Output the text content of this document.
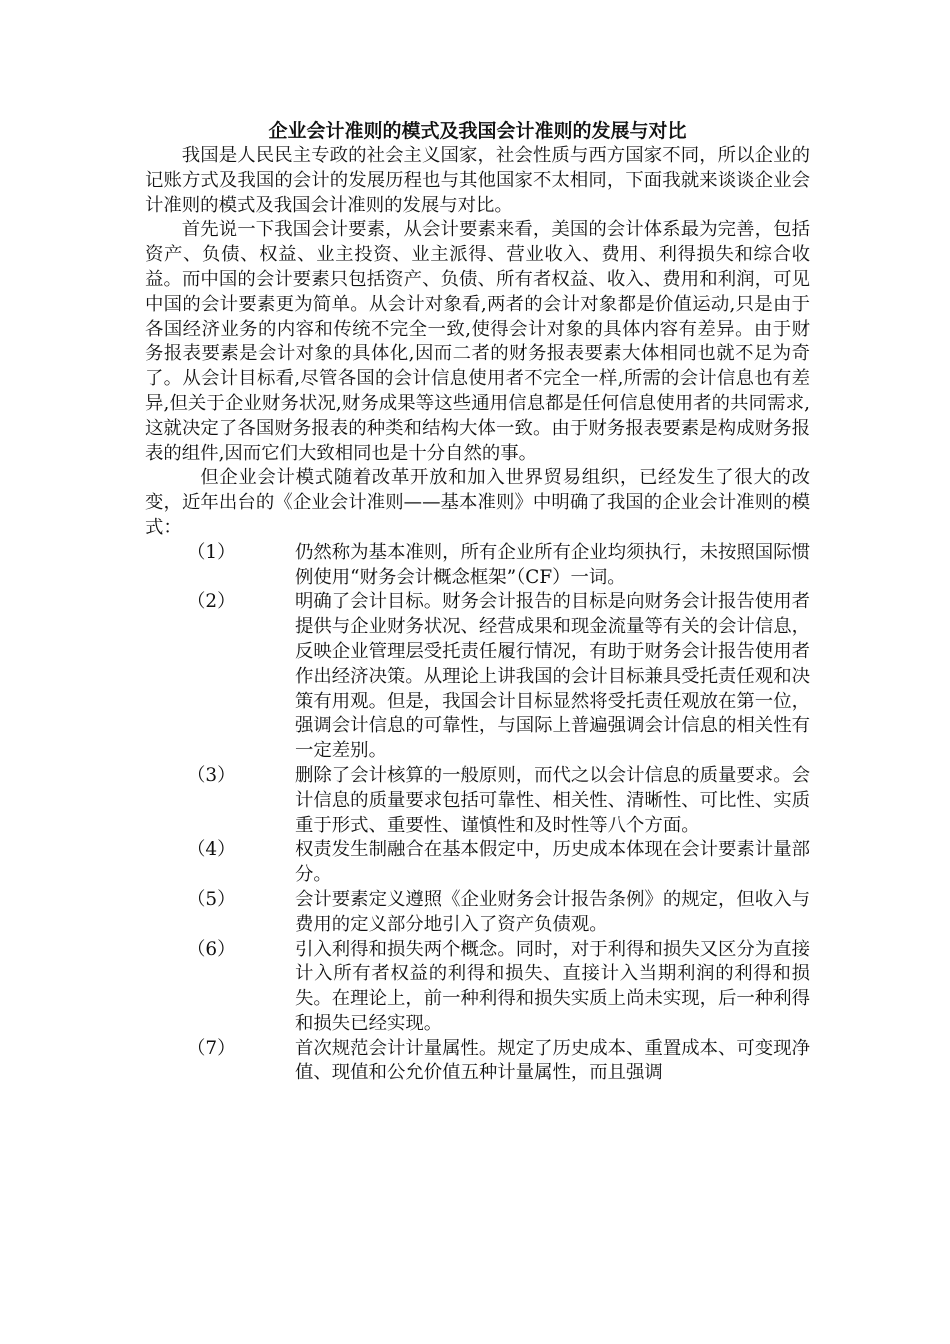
企业会计准则的模式及我国会计准则的发展与对比

我国是人民民主专政的社会主义国家，社会性质与西方国家不同，所以企业的记账方式及我国的会计的发展历程也与其他国家不太相同，下面我就来谈谈企业会计准则的模式及我国会计准则的发展与对比。

首先说一下我国会计要素，从会计要素来看，美国的会计体系最为完善，包括资产、负债、权益、业主投资、业主派得、营业收入、费用、利得损失和综合收益。而中国的会计要素只包括资产、负债、所有者权益、收入、费用和利润，可见中国的会计要素更为简单。从会计对象看,两者的会计对象都是价值运动,只是由于各国经济业务的内容和传统不完全一致,使得会计对象的具体内容有差异。由于财务报表要素是会计对象的具体化,因而二者的财务报表要素大体相同也就不足为奇了。从会计目标看,尽管各国的会计信息使用者不完全一样,所需的会计信息也有差异,但关于企业财务状况,财务成果等这些通用信息都是任何信息使用者的共同需求,这就决定了各国财务报表的种类和结构大体一致。由于财务报表要素是构成财务报表的组件,因而它们大致相同也是十分自然的事。

但企业会计模式随着改革开放和加入世界贸易组织，已经发生了很大的改变，近年出台的《企业会计准则——基本准则》中明确了我国的企业会计准则的模式：

（1）	仍然称为基本准则，所有企业所有企业均须执行，未按照国际惯例使用“财务会计概念框架”（CF）一词。
（2）	明确了会计目标。财务会计报告的目标是向财务会计报告使用者提供与企业财务状况、经营成果和现金流量等有关的会计信息，反映企业管理层受托责任履行情况，有助于财务会计报告使用者作出经济决策。从理论上讲我国的会计目标兼具受托责任观和决策有用观。但是，我国会计目标显然将受托责任观放在第一位，强调会计信息的可靠性，与国际上普遍强调会计信息的相关性有一定差别。
（3）	删除了会计核算的一般原则，而代之以会计信息的质量要求。会计信息的质量要求包括可靠性、相关性、清晰性、可比性、实质重于形式、重要性、谨慎性和及时性等八个方面。
（4）	权责发生制融合在基本假定中，历史成本体现在会计要素计量部分。
（5）	会计要素定义遵照《企业财务会计报告条例》的规定，但收入与费用的定义部分地引入了资产负债观。
（6）	引入利得和损失两个概念。同时，对于利得和损失又区分为直接计入所有者权益的利得和损失、直接计入当期利润的利得和损失。在理论上，前一种利得和损失实质上尚未实现，后一种利得和损失已经实现。
（7）	首次规范会计计量属性。规定了历史成本、重置成本、可变现净值、现值和公允价值五种计量属性，而且强调
